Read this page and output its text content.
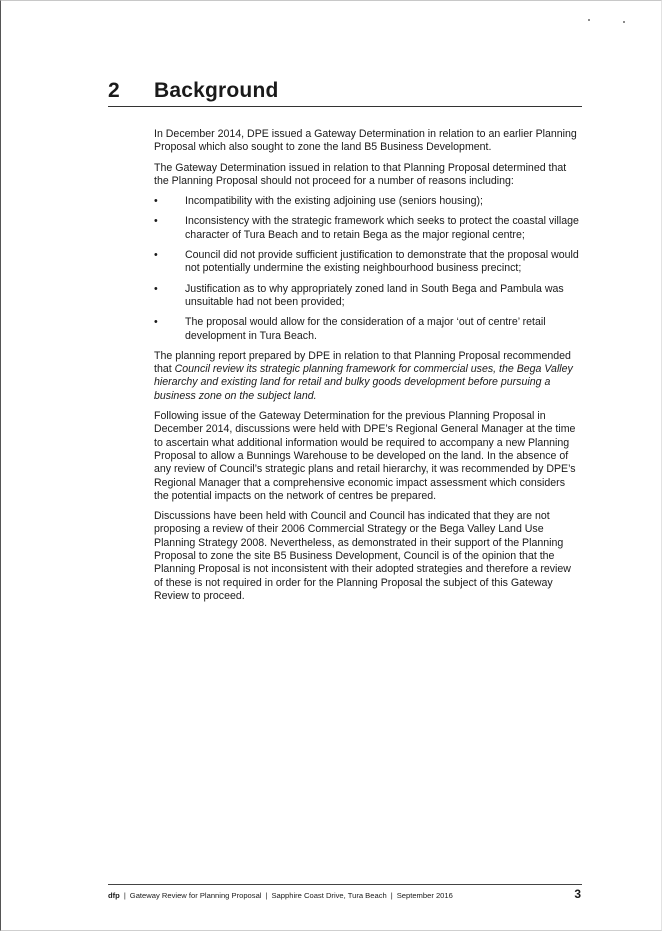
2 Background

In December 2014, DPE issued a Gateway Determination in relation to an earlier Planning Proposal which also sought to zone the land B5 Business Development.

The Gateway Determination issued in relation to that Planning Proposal determined that the Planning Proposal should not proceed for a number of reasons including:

•	Incompatibility with the existing adjoining use (seniors housing);
•	Inconsistency with the strategic framework which seeks to protect the coastal village character of Tura Beach and to retain Bega as the major regional centre;
•	Council did not provide sufficient justification to demonstrate that the proposal would not potentially undermine the existing neighbourhood business precinct;
•	Justification as to why appropriately zoned land in South Bega and Pambula was unsuitable had not been provided;
•	The proposal would allow for the consideration of a major ‘out of centre’ retail development in Tura Beach.

The planning report prepared by DPE in relation to that Planning Proposal recommended that Council review its strategic planning framework for commercial uses, the Bega Valley hierarchy and existing land for retail and bulky goods development before pursuing a business zone on the subject land.

Following issue of the Gateway Determination for the previous Planning Proposal in December 2014, discussions were held with DPE’s Regional General Manager at the time to ascertain what additional information would be required to accompany a new Planning Proposal to allow a Bunnings Warehouse to be developed on the land. In the absence of any review of Council’s strategic plans and retail hierarchy, it was recommended by DPE’s Regional Manager that a comprehensive economic impact assessment which considers the potential impacts on the network of centres be prepared.

Discussions have been held with Council and Council has indicated that they are not proposing a review of their 2006 Commercial Strategy or the Bega Valley Land Use Planning Strategy 2008. Nevertheless, as demonstrated in their support of the Planning Proposal to zone the site B5 Business Development, Council is of the opinion that the Planning Proposal is not inconsistent with their adopted strategies and therefore a review of these is not required in order for the Planning Proposal the subject of this Gateway Review to proceed.

dfp | Gateway Review for Planning Proposal | Sapphire Coast Drive, Tura Beach | September 2016	3
